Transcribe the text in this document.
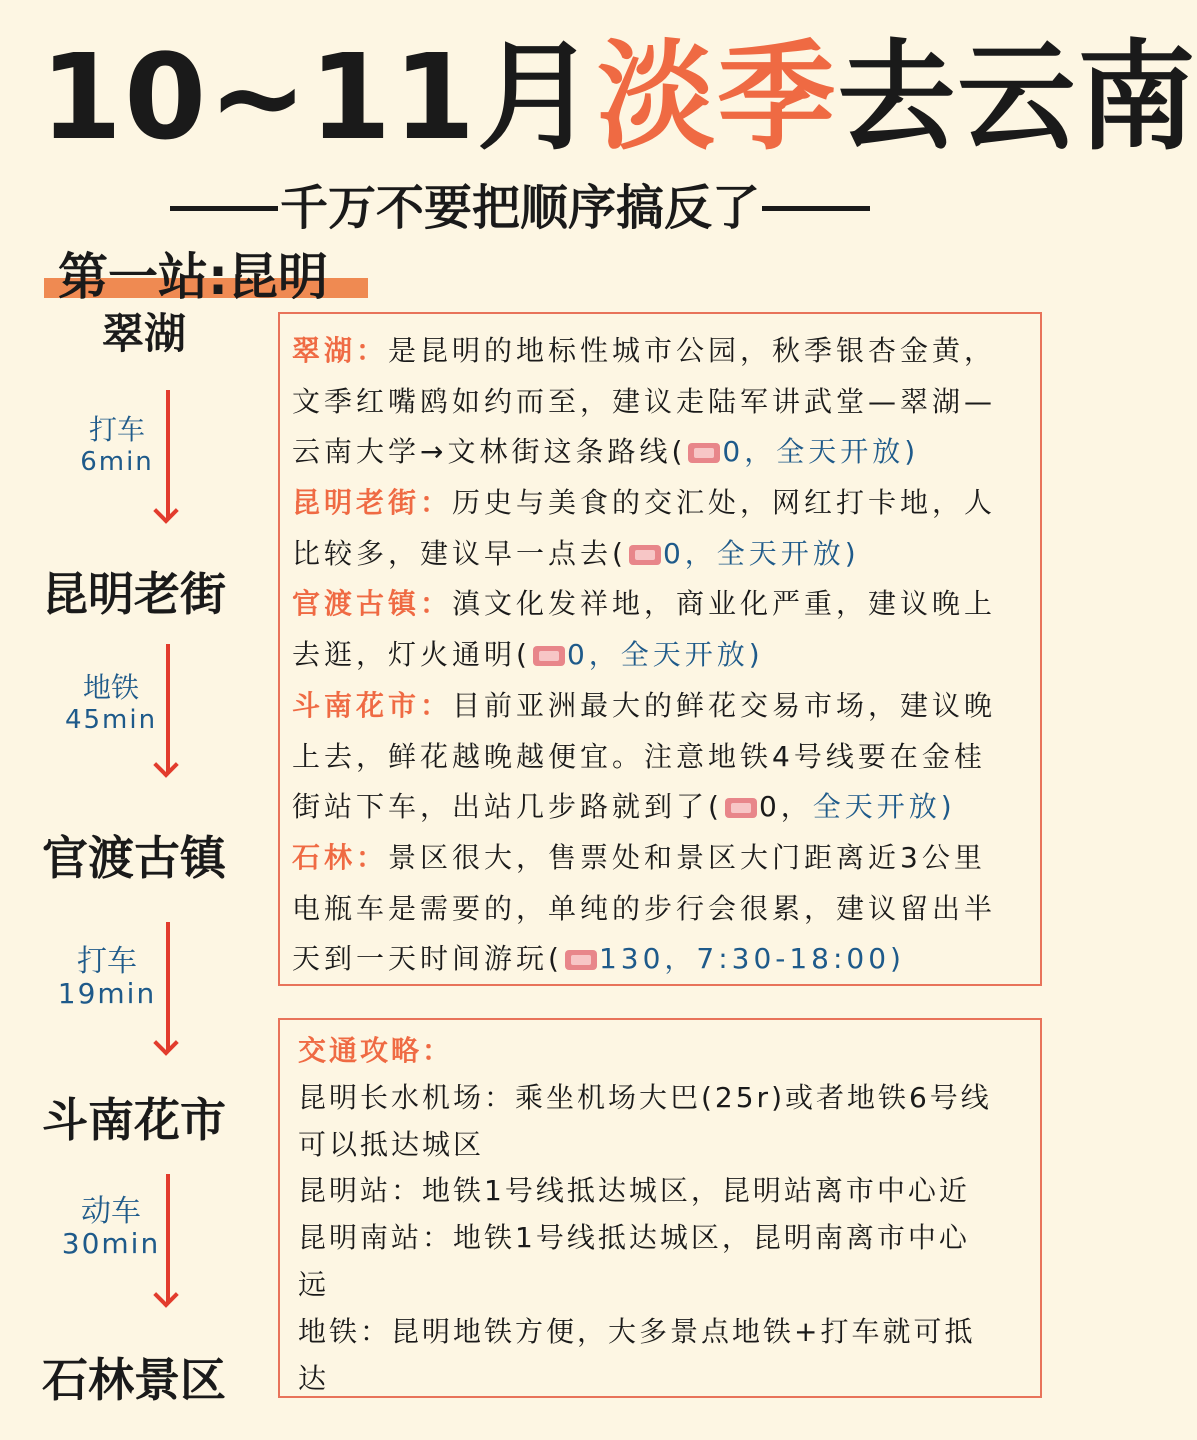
10~11月淡季去云南
千万不要把顺序搞反了
第一站:昆明
翠湖
打车
6min
昆明老街
地铁
45min
官渡古镇
打车
19min
斗南花市
动车
30min
石林景区
翠湖：是昆明的地标性城市公园，秋季银杏金黄，
文季红嘴鸥如约而至，建议走陆军讲武堂—翠湖—
云南大学→文林街这条路线( 0，全天开放)
昆明老街：历史与美食的交汇处，网红打卡地，人
比较多，建议早一点去( 0，全天开放)
官渡古镇：滇文化发祥地，商业化严重，建议晚上
去逛，灯火通明( 0，全天开放)
斗南花市：目前亚洲最大的鲜花交易市场，建议晚
上去，鲜花越晚越便宜。注意地铁4号线要在金桂
街站下车，出站几步路就到了( 0，全天开放)
石林：景区很大，售票处和景区大门距离近3公里
电瓶车是需要的，单纯的步行会很累，建议留出半
天到一天时间游玩( 130，7:30-18:00)
交通攻略：
昆明长水机场：乘坐机场大巴(25r)或者地铁6号线
可以抵达城区
昆明站：地铁1号线抵达城区，昆明站离市中心近
昆明南站：地铁1号线抵达城区，昆明南离市中心
远
地铁：昆明地铁方便，大多景点地铁+打车就可抵
达
